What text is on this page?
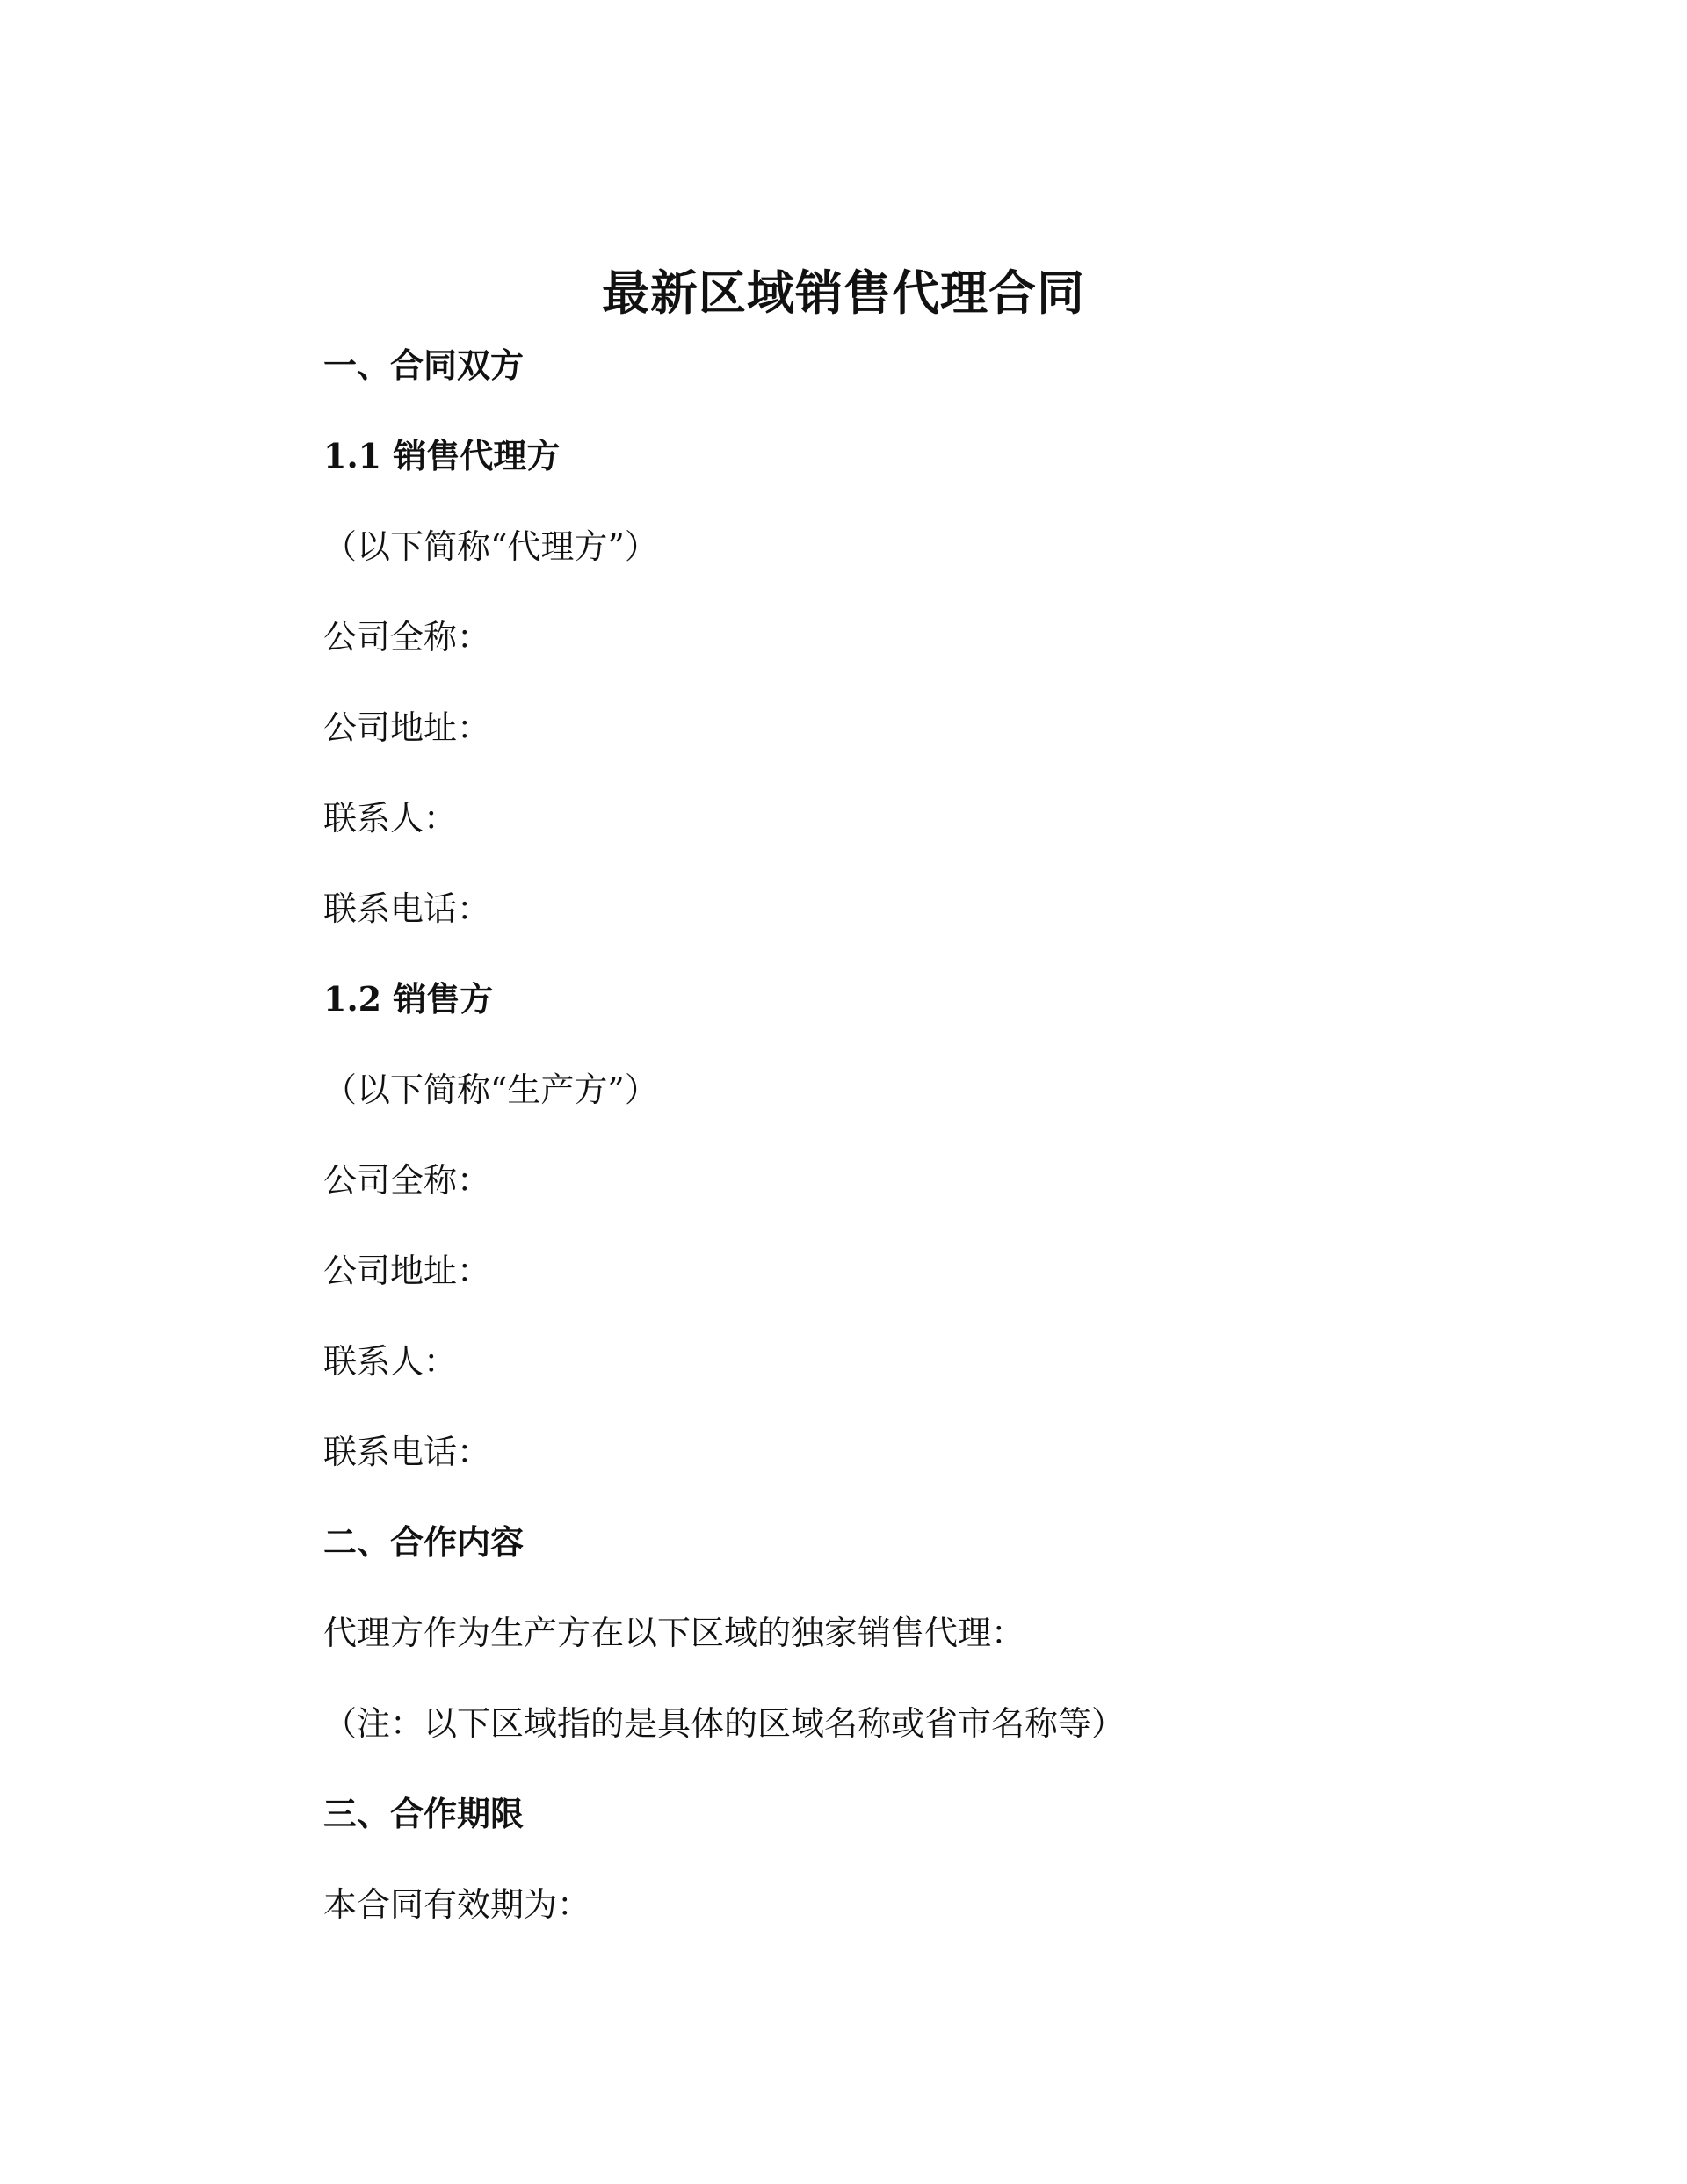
最新区域销售代理合同
一、合同双方
1.1 销售代理方
（以下简称“代理方”）
公司全称：
公司地址：
联系人：
联系电话：
1.2 销售方
（以下简称“生产方”）
公司全称：
公司地址：
联系人：
联系电话：
二、合作内容
代理方作为生产方在以下区域的独家销售代理：
（注：以下区域指的是具体的区域名称或省市名称等）
三、合作期限
本合同有效期为：
